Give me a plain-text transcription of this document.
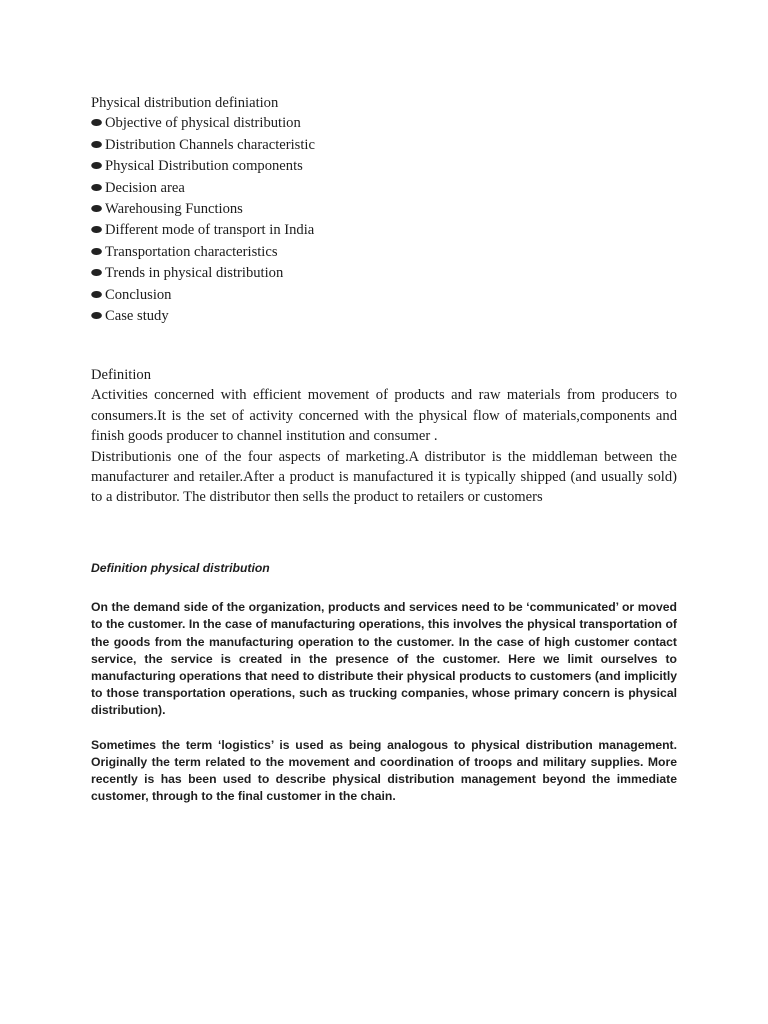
Physical distribution definiation
⬬ Objective of physical distribution
⬬ Distribution Channels characteristic
⬬ Physical Distribution components
⬬ Decision area
⬬ Warehousing Functions
⬬ Different mode of transport in India
⬬ Transportation characteristics
⬬ Trends in physical distribution
⬬ Conclusion
⬬ Case study

Definition

Activities concerned with efficient movement of products and raw materials from producers to consumers.It is the set of activity concerned with the physical flow of materials,components and finish goods producer to channel institution and consumer .

Distributionis one of the four aspects of marketing.A distributor is the middleman between the manufacturer and retailer.After a product is manufactured it is typically shipped (and usually sold) to a distributor. The distributor then sells the product to retailers or customers

Definition physical distribution

On the demand side of the organization, products and services need to be ‘communicated’ or moved to the customer. In the case of manufacturing operations, this involves the physical transportation of the goods from the manufacturing operation to the customer. In the case of high customer contact service, the service is created in the presence of the customer. Here we limit ourselves to manufacturing operations that need to distribute their physical products to customers (and implicitly to those transportation operations, such as trucking companies, whose primary concern is physical distribution).

Sometimes the term ‘logistics’ is used as being analogous to physical distribution management. Originally the term related to the movement and coordination of troops and military supplies. More recently is has been used to describe physical distribution management beyond the immediate customer, through to the final customer in the chain.
